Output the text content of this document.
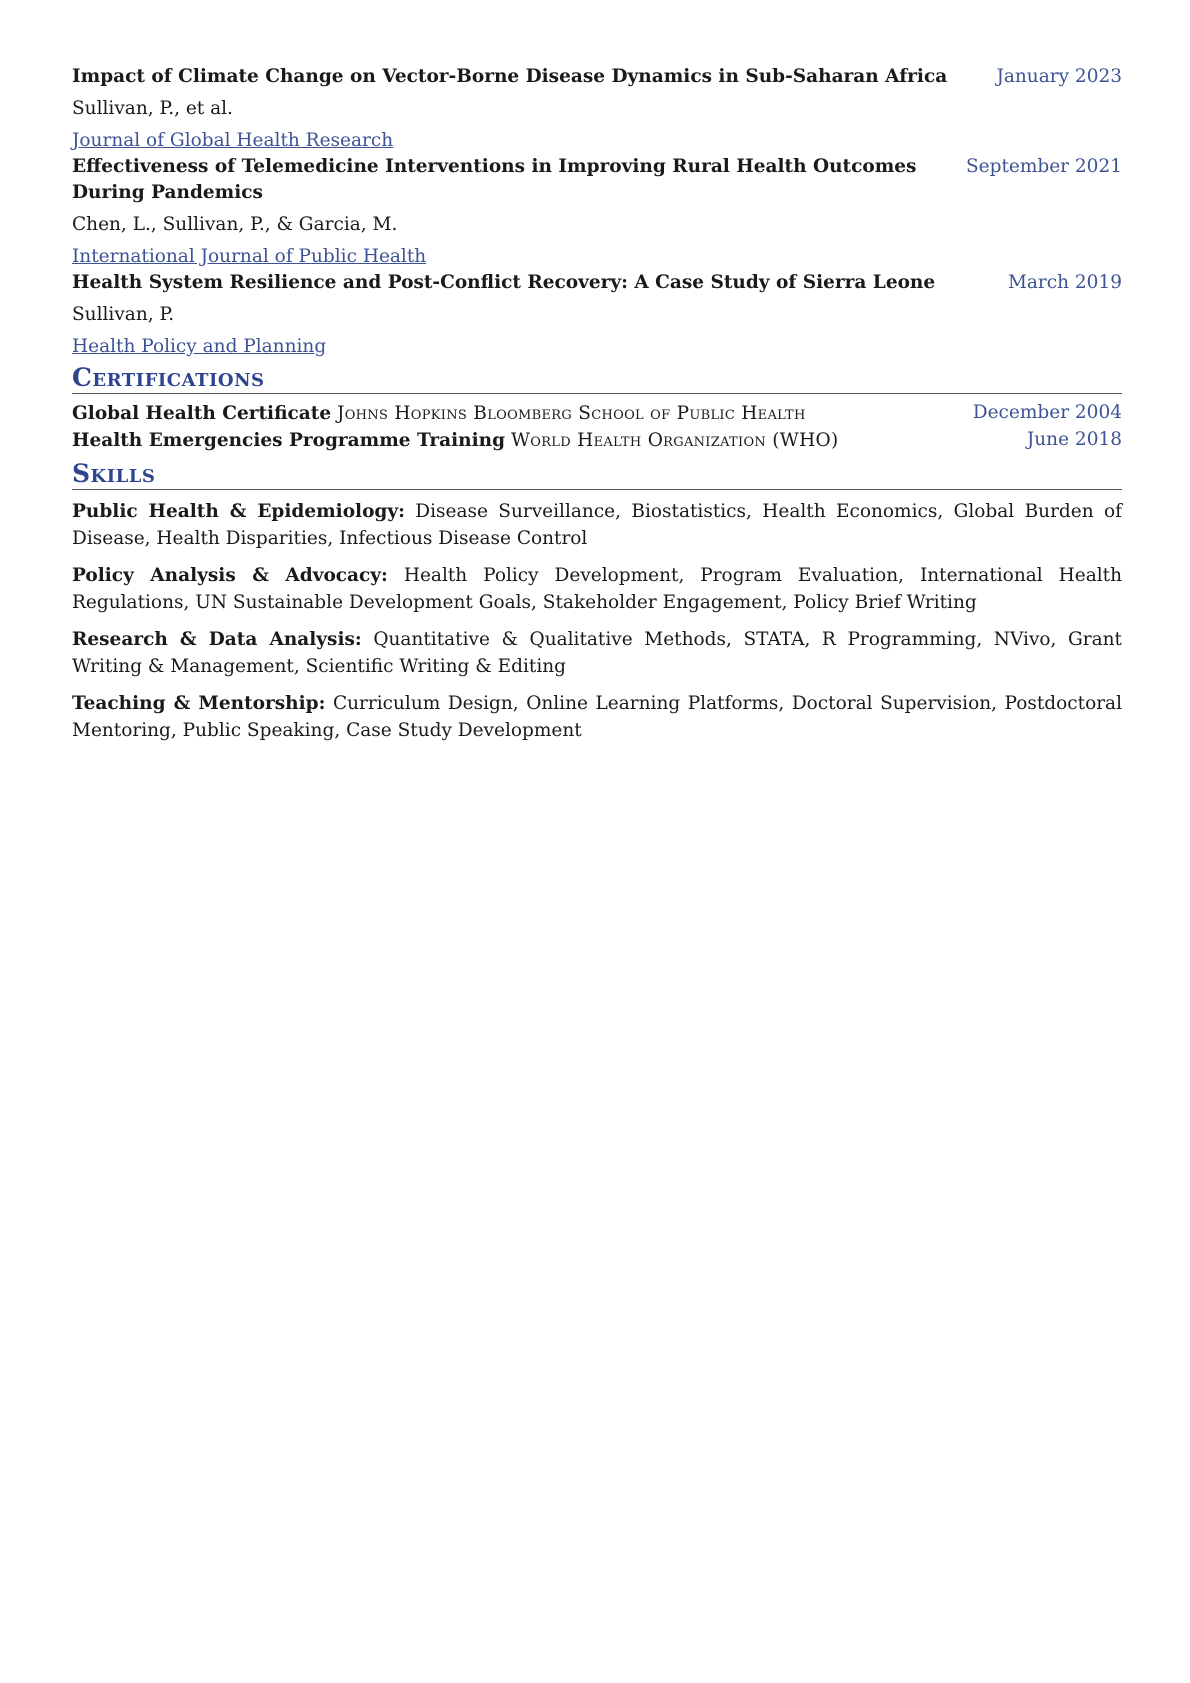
Impact of Climate Change on Vector-Borne Disease Dynamics in Sub-Saharan Africa	January 2023
Sullivan, P., et al.
Journal of Global Health Research
Effectiveness of Telemedicine Interventions in Improving Rural Health Outcomes During Pandemics
September 2021
Chen, L., Sullivan, P., & Garcia, M.
International Journal of Public Health
Health System Resilience and Post-Conflict Recovery: A Case Study of Sierra Leone	March 2019
Sullivan, P.
Health Policy and Planning
Certifications
Global Health Certificate Johns Hopkins Bloomberg School of Public Health	December 2004
Health Emergencies Programme Training World Health Organization (WHO)	June 2018
Skills
Public Health & Epidemiology: Disease Surveillance, Biostatistics, Health Economics, Global Burden of Disease, Health Disparities, Infectious Disease Control
Policy Analysis & Advocacy: Health Policy Development, Program Evaluation, International Health Regulations, UN Sustainable Development Goals, Stakeholder Engagement, Policy Brief Writing
Research & Data Analysis: Quantitative & Qualitative Methods, STATA, R Programming, NVivo, Grant Writing & Management, Scientific Writing & Editing
Teaching & Mentorship: Curriculum Design, Online Learning Platforms, Doctoral Supervision, Postdoctoral Mentoring, Public Speaking, Case Study Development
